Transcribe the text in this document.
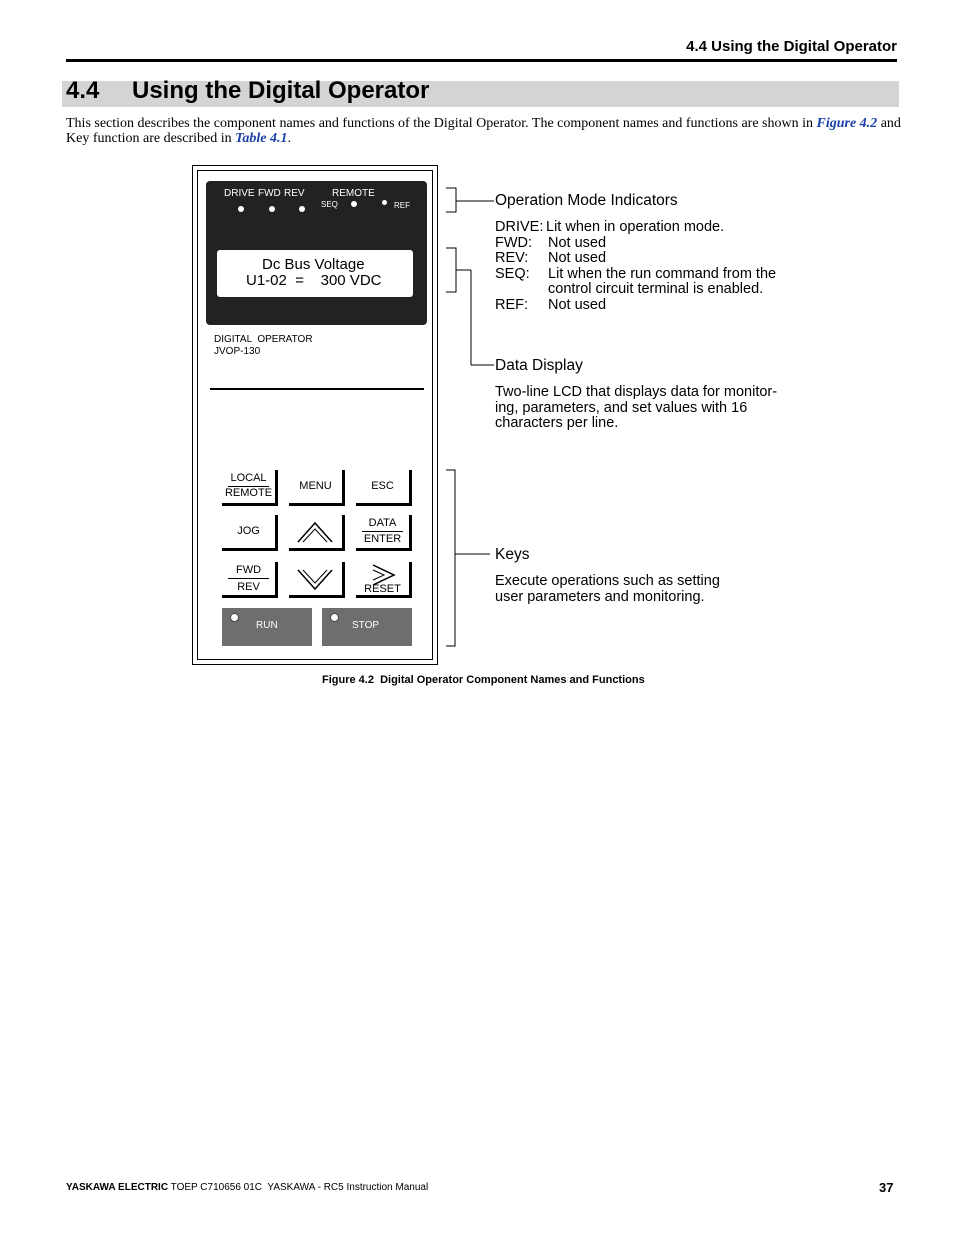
4.4 Using the Digital Operator
4.4 Using the Digital Operator
This section describes the component names and functions of the Digital Operator. The component names and functions are shown in Figure 4.2 and Key function are described in Table 4.1.
DRIVE FWD REV	REMOTE
SEQ	REF
Dc Bus Voltage
U1-02  =    300 VDC
DIGITAL  OPERATOR
JVOP-130
LOCAL
REMOTE
MENU	ESC
JOG
DATA
ENTER
FWD
REV	RESET
RUN	STOP
Operation Mode Indicators
DRIVE: Lit when in operation mode.
FWD: Not used
REV: Not used
SEQ: Lit when the run command from the
control circuit terminal is enabled.
REF: Not used
Data Display
Two-line LCD that displays data for monitor-
ing, parameters, and set values with 16
characters per line.
Keys
Execute operations such as setting
user parameters and monitoring.
Figure 4.2  Digital Operator Component Names and Functions
YASKAWA ELECTRIC TOEP C710656 01C  YASKAWA - RC5 Instruction Manual	37
